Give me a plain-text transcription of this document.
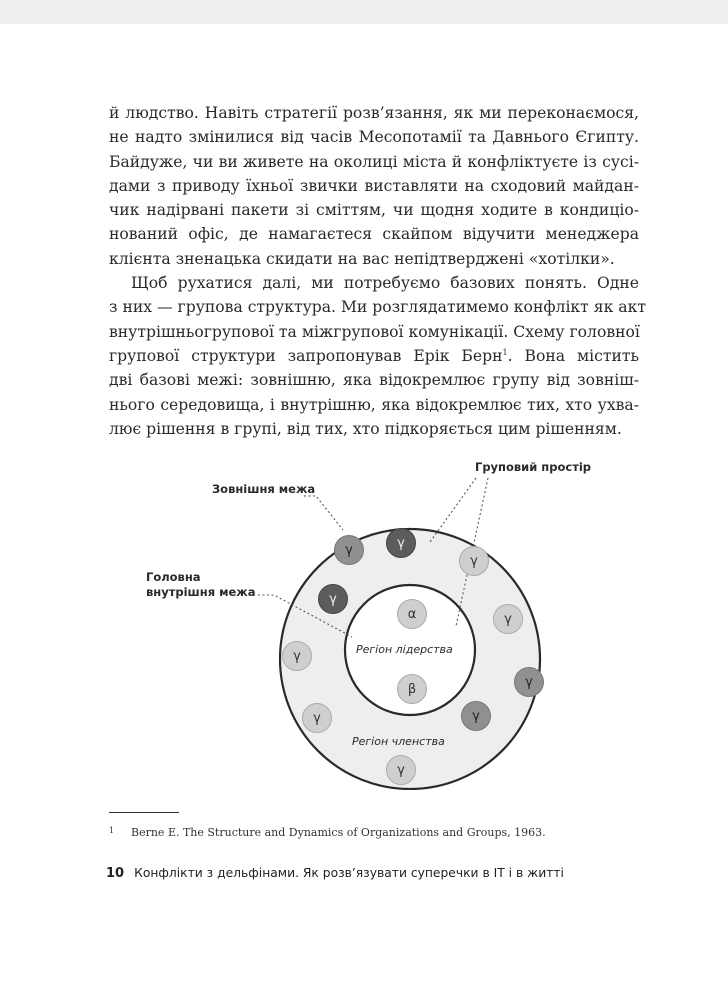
й людство. Навіть стратегії розв’язання, як ми переконаємося,
не надто змінилися від часів Месопотамії та Давнього Єгипту.
Байдуже, чи ви живете на околиці міста й конфліктуєте із сусі-
дами з приводу їхньої звички виставляти на сходовий майдан-
чик надірвані пакети зі сміттям, чи щодня ходите в кондиціо-
нований офіс, де намагаєтеся скайпом відучити менеджера
клієнта зненацька скидати на вас непідтверджені «хотілки».
Щоб рухатися далі, ми потребуємо базових понять. Одне
з них — групова структура. Ми розглядатимемо конфлікт як акт
внутрішньогрупової та міжгрупової комунікації. Схему головної
групової структури запропонував Ерік Берн$^1$. Вона містить
дві базові межі: зовнішню, яка відокремлює групу від зовніш-
нього середовища, і внутрішню, яка відокремлює тих, хто ухва-
лює рішення в групі, від тих, хто підкоряється цим рішенням.
Груповий простір
Зовнішня межа
Головна
внутрішня межа
Регіон лідерства
Регіон членства
α
β
γ	γ
γ
γ
γ
γ
γ
γ	γ
γ
1 Berne E. The Structure and Dynamics of Organizations and Groups, 1963.
10 Конфлікти з дельфінами. Як розв’язувати суперечки в ІТ і в житті
